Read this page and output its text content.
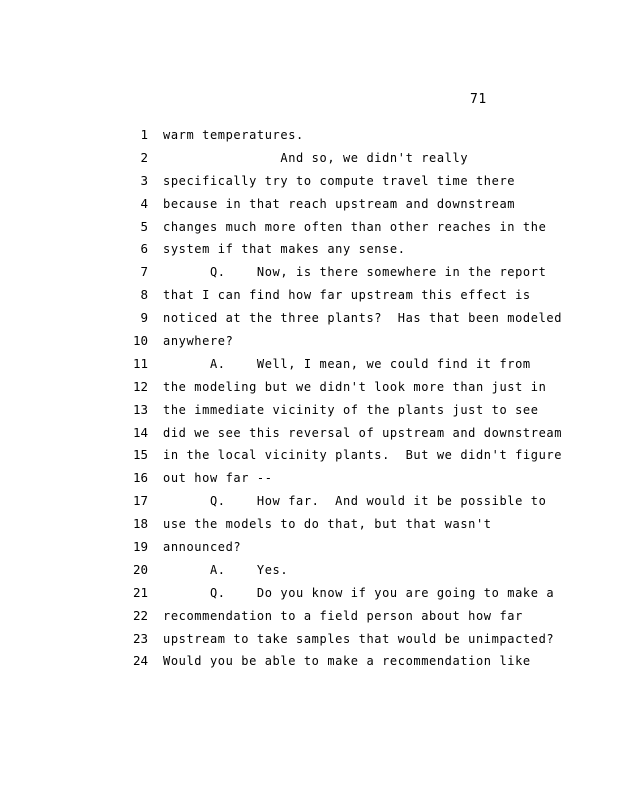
71
1 warm temperatures.
2 And so, we didn't really
3 specifically try to compute travel time there
4 because in that reach upstream and downstream
5 changes much more often than other reaches in the
6 system if that makes any sense.
7 Q.    Now, is there somewhere in the report
8 that I can find how far upstream this effect is
9 noticed at the three plants?  Has that been modeled
10 anywhere?
11 A.    Well, I mean, we could find it from
12 the modeling but we didn't look more than just in
13 the immediate vicinity of the plants just to see
14 did we see this reversal of upstream and downstream
15 in the local vicinity plants.  But we didn't figure
16 out how far --
17 Q.    How far.  And would it be possible to
18 use the models to do that, but that wasn't
19 announced?
20 A.    Yes.
21 Q.    Do you know if you are going to make a
22 recommendation to a field person about how far
23 upstream to take samples that would be unimpacted?
24 Would you be able to make a recommendation like
